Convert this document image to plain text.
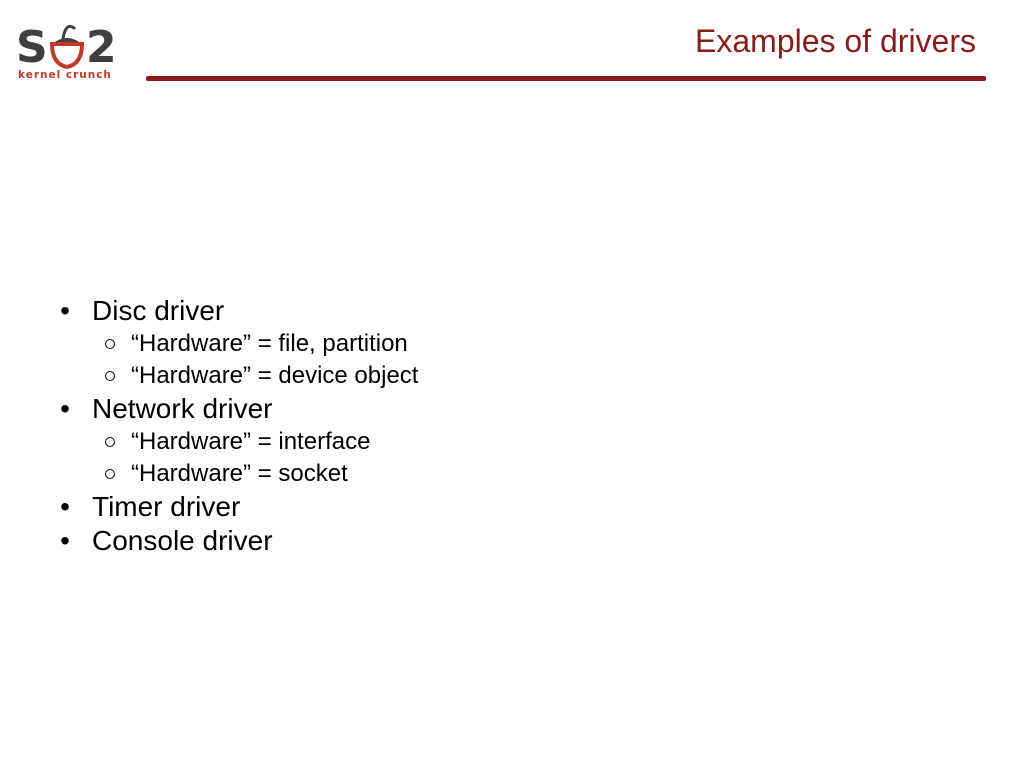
S 2
kernel crunch
Examples of drivers
• Disc driver
“Hardware” = file, partition
“Hardware” = device object
• Network driver
“Hardware” = interface
“Hardware” = socket
• Timer driver
• Console driver
